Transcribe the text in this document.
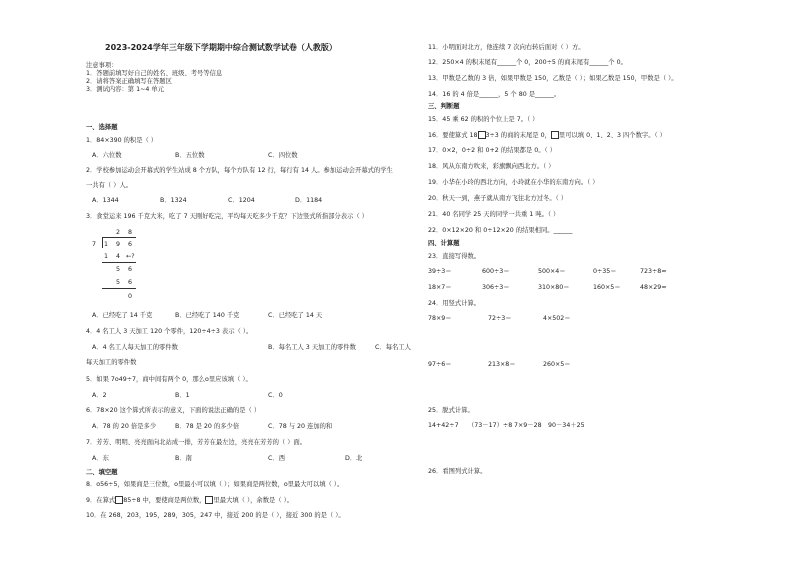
2023-2024学年三年级下学期期中综合测试数学试卷（人教版）
注意事项：
1．答题前填写好自己的姓名、班级、考号等信息
2．请将答案正确填写在答题区
3．测试内容：第 1~4 单元
一、选择题
1．84×390 的积是（ ）
A．六位数	B．五位数	C．四位数
2．学校参加运动会开幕式的学生站成 8 个方队，每个方队有 12 行，每行有 14 人。参加运动会开幕式的学生
一共有（ ）人。
A．1344	B．1324	C．1204	D．1184
3．食堂运来 196 千克大米，吃了 7 天刚好吃完，平均每天吃多少千克？下边竖式所指部分表示（ ）
2 8
7 1 9 6
1 4 ←?
5 6
5 6
0
A．已经吃了 14 千克	B．已经吃了 140 千克	C．已经吃了 14 天
4．4 名工人 3 天加工 120 个零件，120÷4÷3 表示（ ）。
A．4 名工人每天加工的零件数	B．每名工人 3 天加工的零件数	C．每名工人
每天加工的零件数
5．如果 7o49÷7，商中间有两个 0，那么o里应该填（ ）。
A．2	B．1	C．0
6．78×20 这个算式所表示的意义，下面的说法正确的是（ ）
A．78 的 20 倍是多少	B．78 是 20 的多少倍	C．78 与 20 连加的和
7．芳芳、明明、亮亮面向北站成一排，芳芳在最左边，亮亮在芳芳的（ ）面。
A．东	B．南	C．西	D．北
二、填空题
8．o56÷5，如果商是三位数，o里最小可以填（ ）；如果商是两位数，o里最大可以填（ ）。
9．在算式 85÷8 中，要使商是两位数， 里最大填（ ），余数是（ ）。
10．在 268，203，195，289，305，247 中，接近 200 的是（ ），接近 300 的是（ ）。
11．小明面对北方，他连续 7 次向右转后面对（ ）方。
12．250×4 的积末尾有______个 0，200÷5 的商末尾有______个 0。
13．甲数是乙数的 3 倍，如果甲数是 150，乙数是（ ）；如果乙数是 150，甲数是（ ）。
14．16 的 4 倍是______，5 个 80 是______。
三、判断题
15．45 乘 62 的积的个位上是 7。（ ）
16．要使算式 18 3÷3 的商的末尾是 0， 里可以填 0、1、2、3 四个数字。（ ）
17．0×2，0÷2 和 0+2 的结果都是 0。（ ）
18．风从东南方吹来，彩旗飘向西北方。（ ）
19．小华在小玲的西北方向，小玲就在小华的东南方向。（ ）
20．秋天一到，燕子就从南方飞往北方过冬。（ ）
21．40 名同学 25 天的同学一共重 1 吨。（ ）
22．0×12×20 和 0÷12×20 的结果相同。______
四、计算题
23．直接写得数。
39÷3＝	600÷3＝	500×4＝	0÷35＝	723÷8≈
18×7＝	306÷3＝	310×80＝	160×5＝	48×29≈
24．用竖式计算。
78×9＝	72÷3＝	4×502＝
97÷6＝	213×8＝	260×5＝
25．脱式计算。
14+42÷7 （73－17）÷8 7×9－28 90－34＋25
26．看图列式计算。
